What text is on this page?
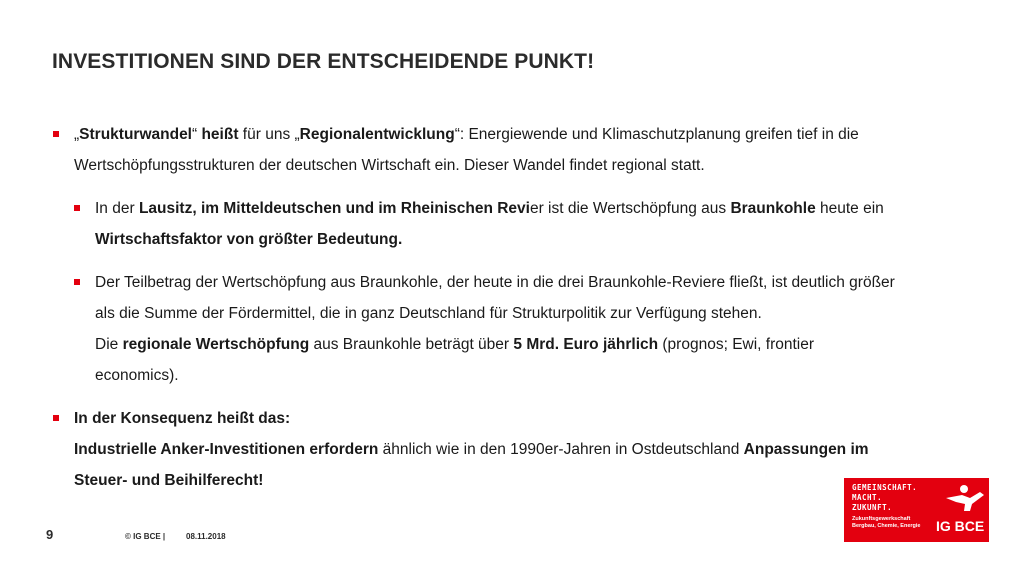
INVESTITIONEN SIND DER ENTSCHEIDENDE PUNKT!
„Strukturwandel“ heißt für uns „Regionalentwicklung“: Energiewende und Klimaschutzplanung greifen tief in die
Wertschöpfungsstrukturen der deutschen Wirtschaft ein. Dieser Wandel findet regional statt.
In der Lausitz, im Mitteldeutschen und im Rheinischen Revier ist die Wertschöpfung aus Braunkohle heute ein
Wirtschaftsfaktor von größter Bedeutung.
Der Teilbetrag der Wertschöpfung aus Braunkohle, der heute in die drei Braunkohle-Reviere fließt, ist deutlich größer
als die Summe der Fördermittel, die in ganz Deutschland für Strukturpolitik zur Verfügung stehen.
Die regionale Wertschöpfung aus Braunkohle beträgt über 5 Mrd. Euro jährlich (prognos; Ewi, frontier
economics).
In der Konsequenz heißt das:
Industrielle Anker-Investitionen erfordern ähnlich wie in den 1990er-Jahren in Ostdeutschland Anpassungen im
Steuer- und Beihilferecht!
9	© IG BCE |	08.11.2018
GEMEINSCHAFT.
MACHT.
ZUKUNFT.
Zukunftsgewerkschaft
Bergbau, Chemie, Energie IG BCE
